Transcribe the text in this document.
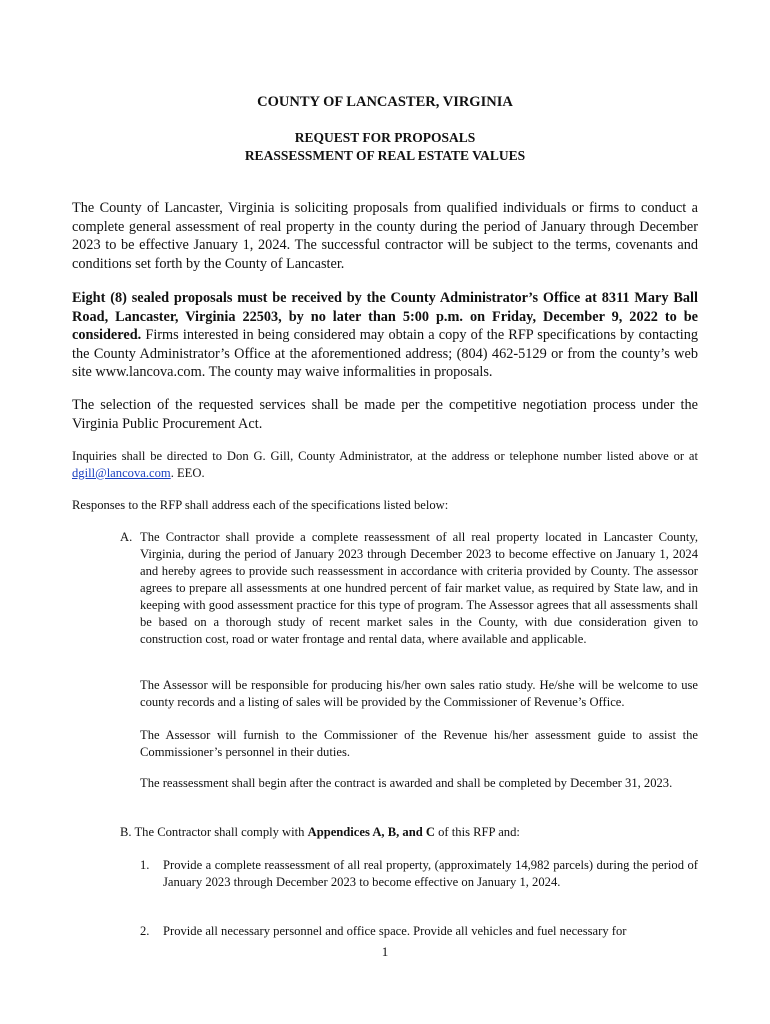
COUNTY OF LANCASTER, VIRGINIA
REQUEST FOR PROPOSALS
REASSESSMENT OF REAL ESTATE VALUES

The County of Lancaster, Virginia is soliciting proposals from qualified individuals or firms to conduct a complete general assessment of real property in the county during the period of January through December 2023 to be effective January 1, 2024. The successful contractor will be subject to the terms, covenants and conditions set forth by the County of Lancaster.

Eight (8) sealed proposals must be received by the County Administrator’s Office at 8311 Mary Ball Road, Lancaster, Virginia 22503, by no later than 5:00 p.m. on Friday, December 9, 2022 to be considered. Firms interested in being considered may obtain a copy of the RFP specifications by contacting the County Administrator’s Office at the aforementioned address; (804) 462-5129 or from the county’s web site www.lancova.com. The county may waive informalities in proposals.

The selection of the requested services shall be made per the competitive negotiation process under the Virginia Public Procurement Act.

Inquiries shall be directed to Don G. Gill, County Administrator, at the address or telephone number listed above or at dgill@lancova.com. EEO.

Responses to the RFP shall address each of the specifications listed below:

A. The Contractor shall provide a complete reassessment of all real property located in Lancaster County, Virginia, during the period of January 2023 through December 2023 to become effective on January 1, 2024 and hereby agrees to provide such reassessment in accordance with criteria provided by County. The assessor agrees to prepare all assessments at one hundred percent of fair market value, as required by State law, and in keeping with good assessment practice for this type of program. The Assessor agrees that all assessments shall be based on a thorough study of recent market sales in the County, with due consideration given to construction cost, road or water frontage and rental data, where available and applicable.

The Assessor will be responsible for producing his/her own sales ratio study. He/she will be welcome to use county records and a listing of sales will be provided by the Commissioner of Revenue’s Office.

The Assessor will furnish to the Commissioner of the Revenue his/her assessment guide to assist the Commissioner’s personnel in their duties.

The reassessment shall begin after the contract is awarded and shall be completed by December 31, 2023.

B. The Contractor shall comply with Appendices A, B, and C of this RFP and:

1. Provide a complete reassessment of all real property, (approximately 14,982 parcels) during the period of January 2023 through December 2023 to become effective on January 1, 2024.
2. Provide all necessary personnel and office space. Provide all vehicles and fuel necessary for
1
